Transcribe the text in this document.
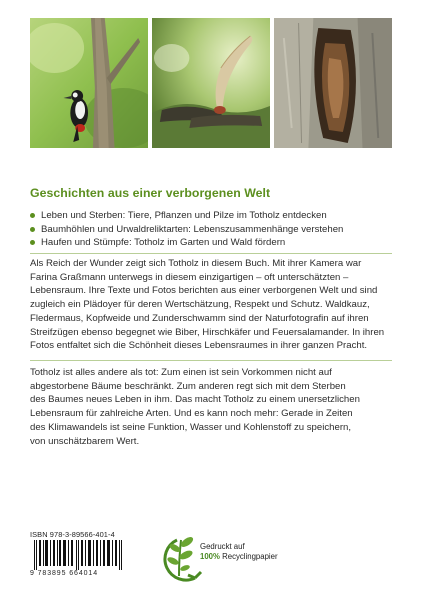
Geschichten aus einer verborgenen Welt
Leben und Sterben: Tiere, Pflanzen und Pilze im Totholz entdecken
Baumhöhlen und Urwaldreliktarten: Lebenszusammenhänge verstehen
Haufen und Stümpfe: Totholz im Garten und Wald fördern
Als Reich der Wunder zeigt sich Totholz in diesem Buch. Mit ihrer Kamera war
Farina Graßmann unterwegs in diesem einzigartigen – oft unterschätzten –
Lebensraum. Ihre Texte und Fotos berichten aus einer verborgenen Welt und sind
zugleich ein Plädoyer für deren Wertschätzung, Respekt und Schutz. Waldkauz,
Fledermaus, Kopfweide und Zunderschwamm sind der Naturfotografin auf ihren
Streifzügen ebenso begegnet wie Biber, Hirschkäfer und Feuersalamander. In ihren
Fotos entfaltet sich die Schönheit dieses Lebensraumes in ihrer ganzen Pracht.
Totholz ist alles andere als tot: Zum einen ist sein Vorkommen nicht auf
abgestorbene Bäume beschränkt. Zum anderen regt sich mit dem Sterben
des Baumes neues Leben in ihm. Das macht Totholz zu einem unersetzlichen
Lebensraum für zahlreiche Arten. Und es kann noch mehr: Gerade in Zeiten
des Klimawandels ist seine Funktion, Wasser und Kohlenstoff zu speichern,
von unschätzbarem Wert.
ISBN 978-3-89566-401-4
9 783895 664014
Gedruckt auf
100% Recyclingpapier
